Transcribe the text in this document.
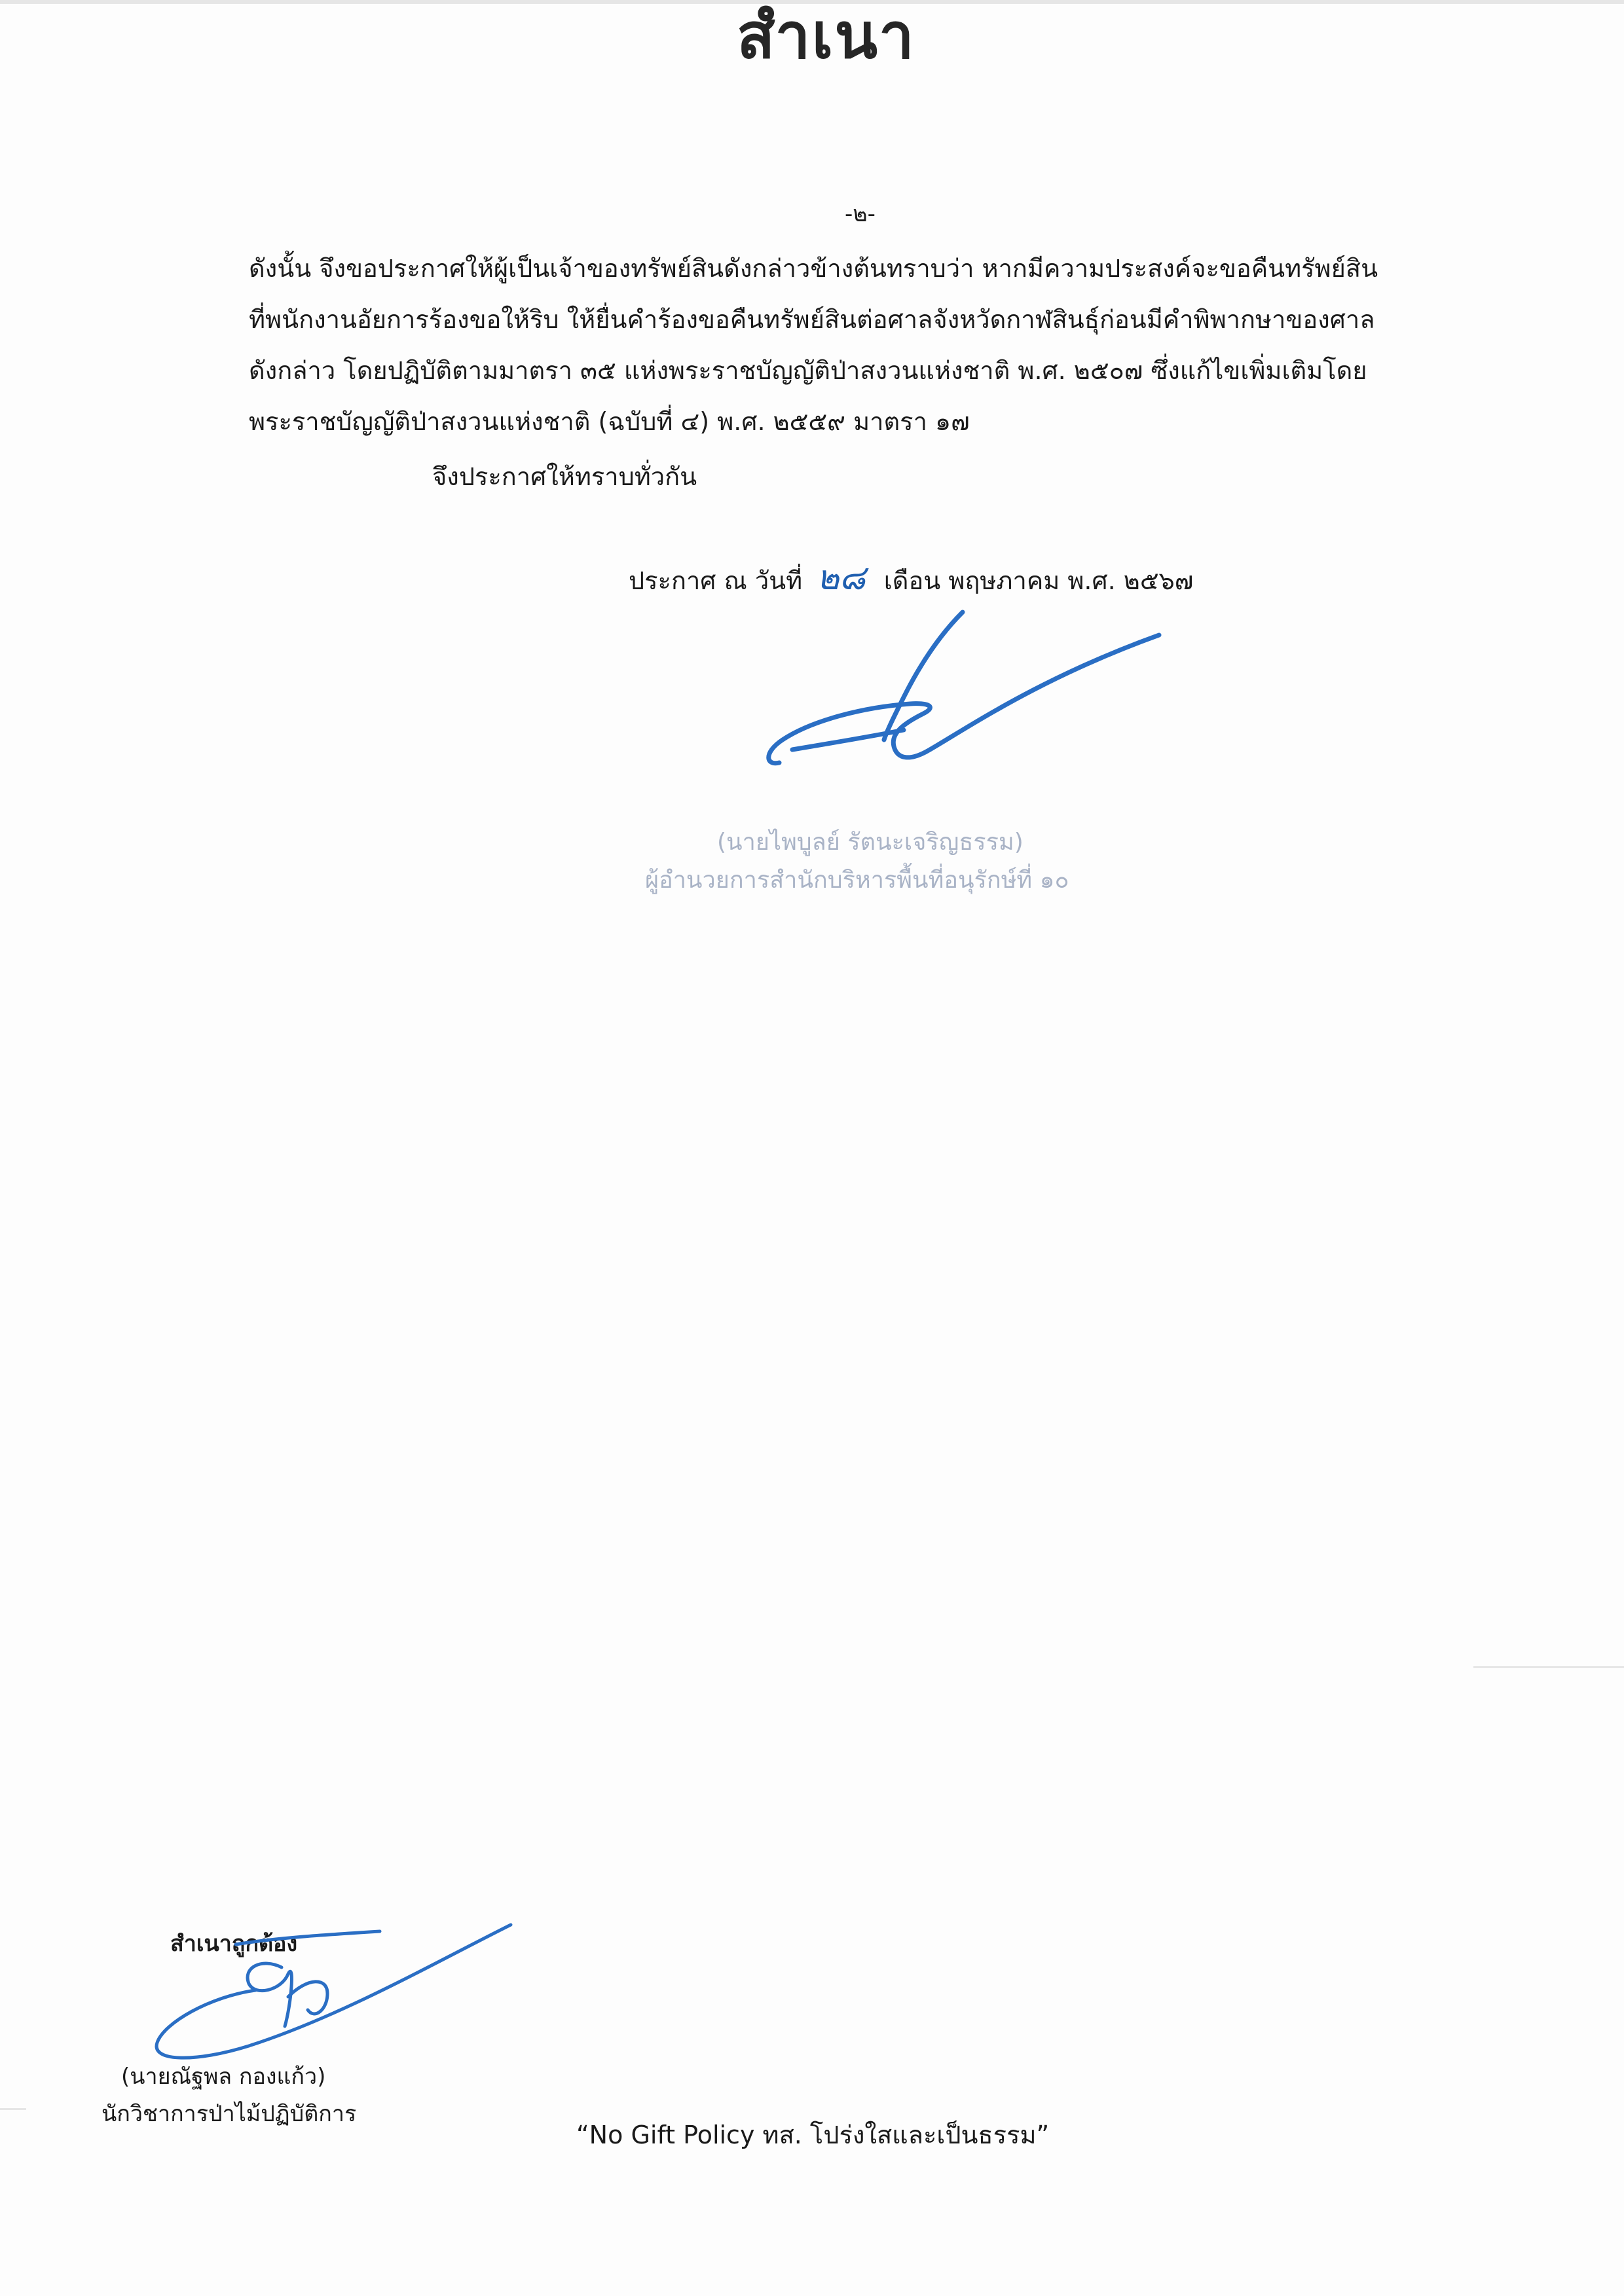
สำเนา
-๒-
ดังนั้น จึงขอประกาศให้ผู้เป็นเจ้าของทรัพย์สินดังกล่าวข้างต้นทราบว่า หากมีความประสงค์จะขอคืนทรัพย์สิน
ที่พนักงานอัยการร้องขอให้ริบ ให้ยื่นคำร้องขอคืนทรัพย์สินต่อศาลจังหวัดกาฬสินธุ์ก่อนมีคำพิพากษาของศาล
ดังกล่าว โดยปฏิบัติตามมาตรา ๓๕ แห่งพระราชบัญญัติป่าสงวนแห่งชาติ พ.ศ. ๒๕๐๗ ซึ่งแก้ไขเพิ่มเติมโดย
พระราชบัญญัติป่าสงวนแห่งชาติ (ฉบับที่ ๔) พ.ศ. ๒๕๕๙ มาตรา ๑๗
จึงประกาศให้ทราบทั่วกัน
ประกาศ ณ วันที่ ๒๘ เดือน พฤษภาคม พ.ศ. ๒๕๖๗
(นายไพบูลย์ รัตนะเจริญธรรม)
ผู้อำนวยการสำนักบริหารพื้นที่อนุรักษ์ที่ ๑๐
สำเนาถูกต้อง
(นายณัฐพล กองแก้ว)
นักวิชาการป่าไม้ปฏิบัติการ
“No Gift Policy ทส. โปร่งใสและเป็นธรรม”
